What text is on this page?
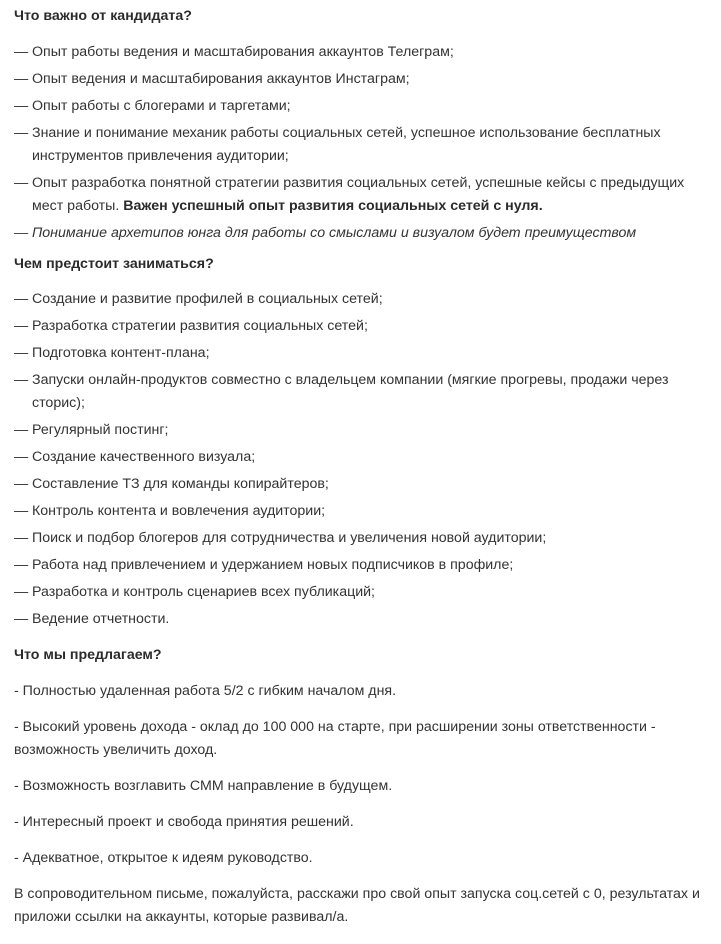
Что важно от кандидата?

— Опыт работы ведения и масштабирования аккаунтов Телеграм;
— Опыт ведения и масштабирования аккаунтов Инстаграм;
— Опыт работы с блогерами и таргетами;
— Знание и понимание механик работы социальных сетей, успешное использование бесплатных инструментов привлечения аудитории;
— Опыт разработка понятной стратегии развития социальных сетей, успешные кейсы с предыдущих мест работы. Важен успешный опыт развития социальных сетей с нуля.
— Понимание архетипов юнга для работы со смыслами и визуалом будет преимуществом

Чем предстоит заниматься?

— Создание и развитие профилей в социальных сетей;
— Разработка стратегии развития социальных сетей;
— Подготовка контент-плана;
— Запуски онлайн-продуктов совместно с владельцем компании (мягкие прогревы, продажи через сторис);
— Регулярный постинг;
— Создание качественного визуала;
— Составление ТЗ для команды копирайтеров;
— Контроль контента и вовлечения аудитории;
— Поиск и подбор блогеров для сотрудничества и увеличения новой аудитории;
— Работа над привлечением и удержанием новых подписчиков в профиле;
— Разработка и контроль сценариев всех публикаций;
— Ведение отчетности.

Что мы предлагаем?

- Полностью удаленная работа 5/2 с гибким началом дня.

- Высокий уровень дохода - оклад до 100 000 на старте, при расширении зоны ответственности - возможность увеличить доход.

- Возможность возглавить СММ направление в будущем.

- Интересный проект и свобода принятия решений.

- Адекватное, открытое к идеям руководство.

В сопроводительном письме, пожалуйста, расскажи про свой опыт запуска соц.сетей с 0, результатах и приложи ссылки на аккаунты, которые развивал/а.
